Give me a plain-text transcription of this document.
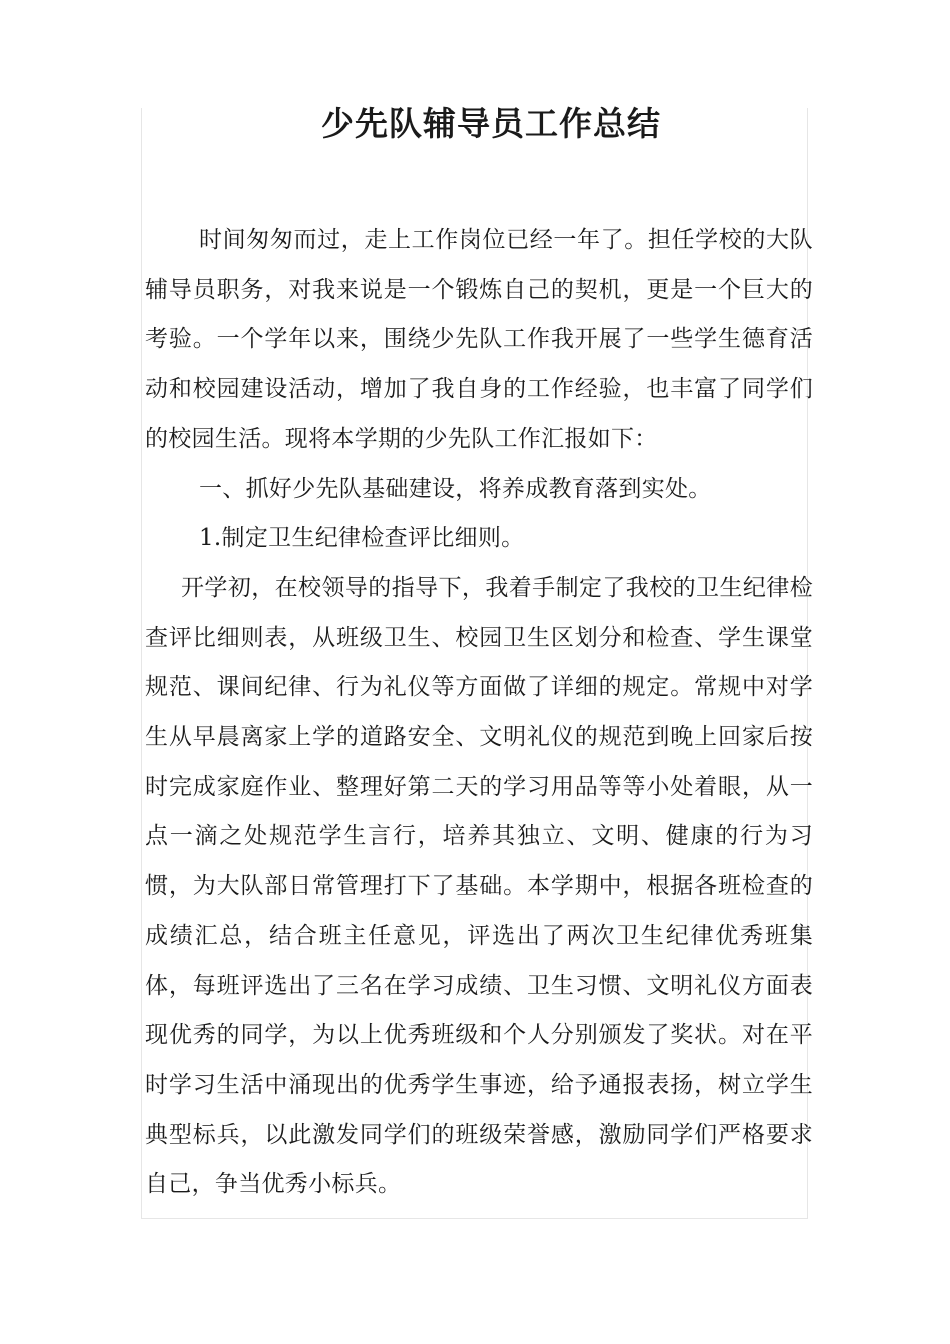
少先队辅导员工作总结

时间匆匆而过，走上工作岗位已经一年了。担任学校的大队辅导员职务，对我来说是一个锻炼自己的契机，更是一个巨大的考验。一个学年以来，围绕少先队工作我开展了一些学生德育活动和校园建设活动，增加了我自身的工作经验，也丰富了同学们的校园生活。现将本学期的少先队工作汇报如下：

一、抓好少先队基础建设，将养成教育落到实处。

1.制定卫生纪律检查评比细则。

开学初，在校领导的指导下，我着手制定了我校的卫生纪律检查评比细则表，从班级卫生、校园卫生区划分和检查、学生课堂规范、课间纪律、行为礼仪等方面做了详细的规定。常规中对学生从早晨离家上学的道路安全、文明礼仪的规范到晚上回家后按时完成家庭作业、整理好第二天的学习用品等等小处着眼，从一点一滴之处规范学生言行，培养其独立、文明、健康的行为习惯，为大队部日常管理打下了基础。本学期中，根据各班检查的成绩汇总，结合班主任意见，评选出了两次卫生纪律优秀班集体，每班评选出了三名在学习成绩、卫生习惯、文明礼仪方面表现优秀的同学，为以上优秀班级和个人分别颁发了奖状。对在平时学习生活中涌现出的优秀学生事迹，给予通报表扬，树立学生典型标兵，以此激发同学们的班级荣誉感，激励同学们严格要求自己，争当优秀小标兵。
